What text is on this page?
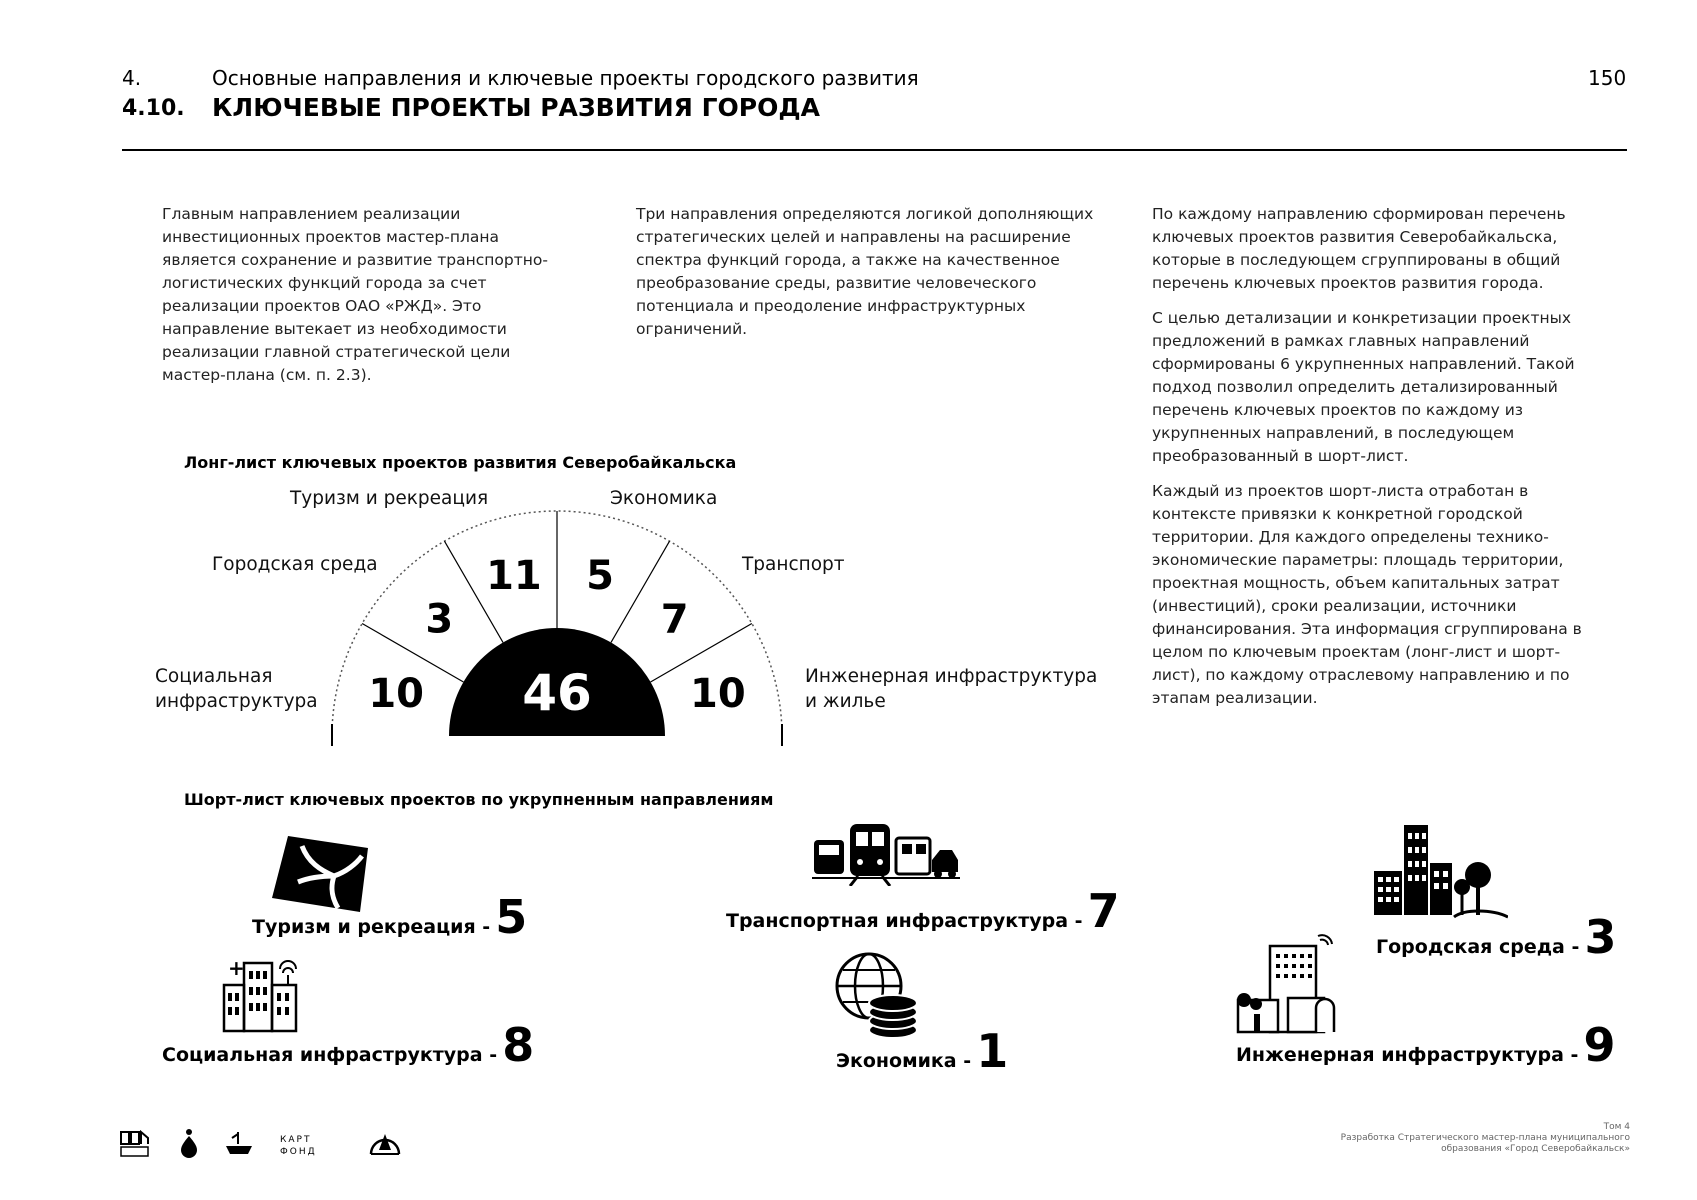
4.	Основные направления и ключевые проекты городского развития
4.10. КЛЮЧЕВЫЕ ПРОЕКТЫ РАЗВИТИЯ ГОРОДА
150

Главным направлением реализации инвестиционных проектов мастер-плана является сохранение и развитие транспортно-логистических функций города за счет реализации проектов ОАО «РЖД». Это направление вытекает из необходимости реализации главной стратегической цели мастер-плана (см. п. 2.3).

Три направления определяются логикой дополняющих стратегических целей и направлены на расширение спектра функций города, а также на качественное преобразование среды, развитие человеческого потенциала и преодоление инфраструктурных ограничений.

По каждому направлению сформирован перечень ключевых проектов развития Северобайкальска, которые в последующем сгруппированы в общий перечень ключевых проектов развития города.

С целью детализации и конкретизации проектных предложений в рамках главных направлений сформированы 6 укрупненных направлений. Такой подход позволил определить детализированный перечень ключевых проектов по каждому из укрупненных направлений, в последующем преобразованный в шорт-лист.

Каждый из проектов шорт-листа отработан в контексте привязки к конкретной городской территории. Для каждого определены технико-экономические параметры: площадь территории, проектная мощность, объем капитальных затрат (инвестиций), сроки реализации, источники финансирования. Эта информация сгруппирована в целом по ключевым проектам (лонг-лист и шорт-лист), по каждому отраслевому направлению и по этапам реализации.

Лонг-лист ключевых проектов развития Северобайкальска
10
3
11 5
7
10
46
Туризм и рекреация	Экономика
Городская среда	Транспорт
Социальная инфраструктура
Инженерная инфраструктура и жилье
Шорт-лист ключевых проектов по укрупненным направлениям
+
Туризм и рекреация - 5	Транспортная инфраструктура - 7
Городская среда - 3
Социальная инфраструктура - 8	Экономика - 1	Инженерная инфраструктура - 9
КАРТ ФОНД
Том 4
Разработка Стратегического мастер-плана муниципального
образования «Город Северобайкальск»
